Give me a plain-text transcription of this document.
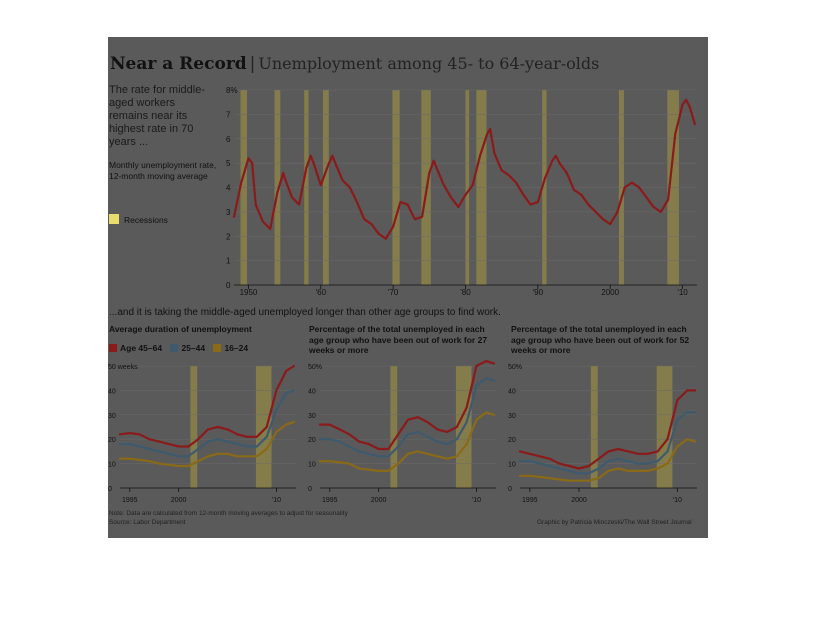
Near a Record | Unemployment among 45- to 64-year-olds
The rate for middle-aged workers remains near its highest rate in 70 years ...
Monthly unemployment rate, 12-month moving average
Recessions
...and it is taking the middle-aged unemployed longer than other age groups to find work.
Average duration of unemployment	Percentage of the total unemployed in each age group who have been out of work for 27 weeks or more
Percentage of the total unemployed in each age group who have been out of work for 52 weeks or more
Age 45–64 25–44 16–24
Note: Data are calculated from 12-month moving averages to adjust for seasonality
Source: Labor Department	Graphic by Patricia Minczeski/The Wall Street Journal
0
1
2
3
4
5
6
7
8%
1950	'60	'70	'80	'90	2000	'10
0
10
20
30
40
50 weeks
1995	2000	'10
0
10
20
30
40
50%
1995	2000	'10
0
10
20
30
40
50%
1995	2000	'10
